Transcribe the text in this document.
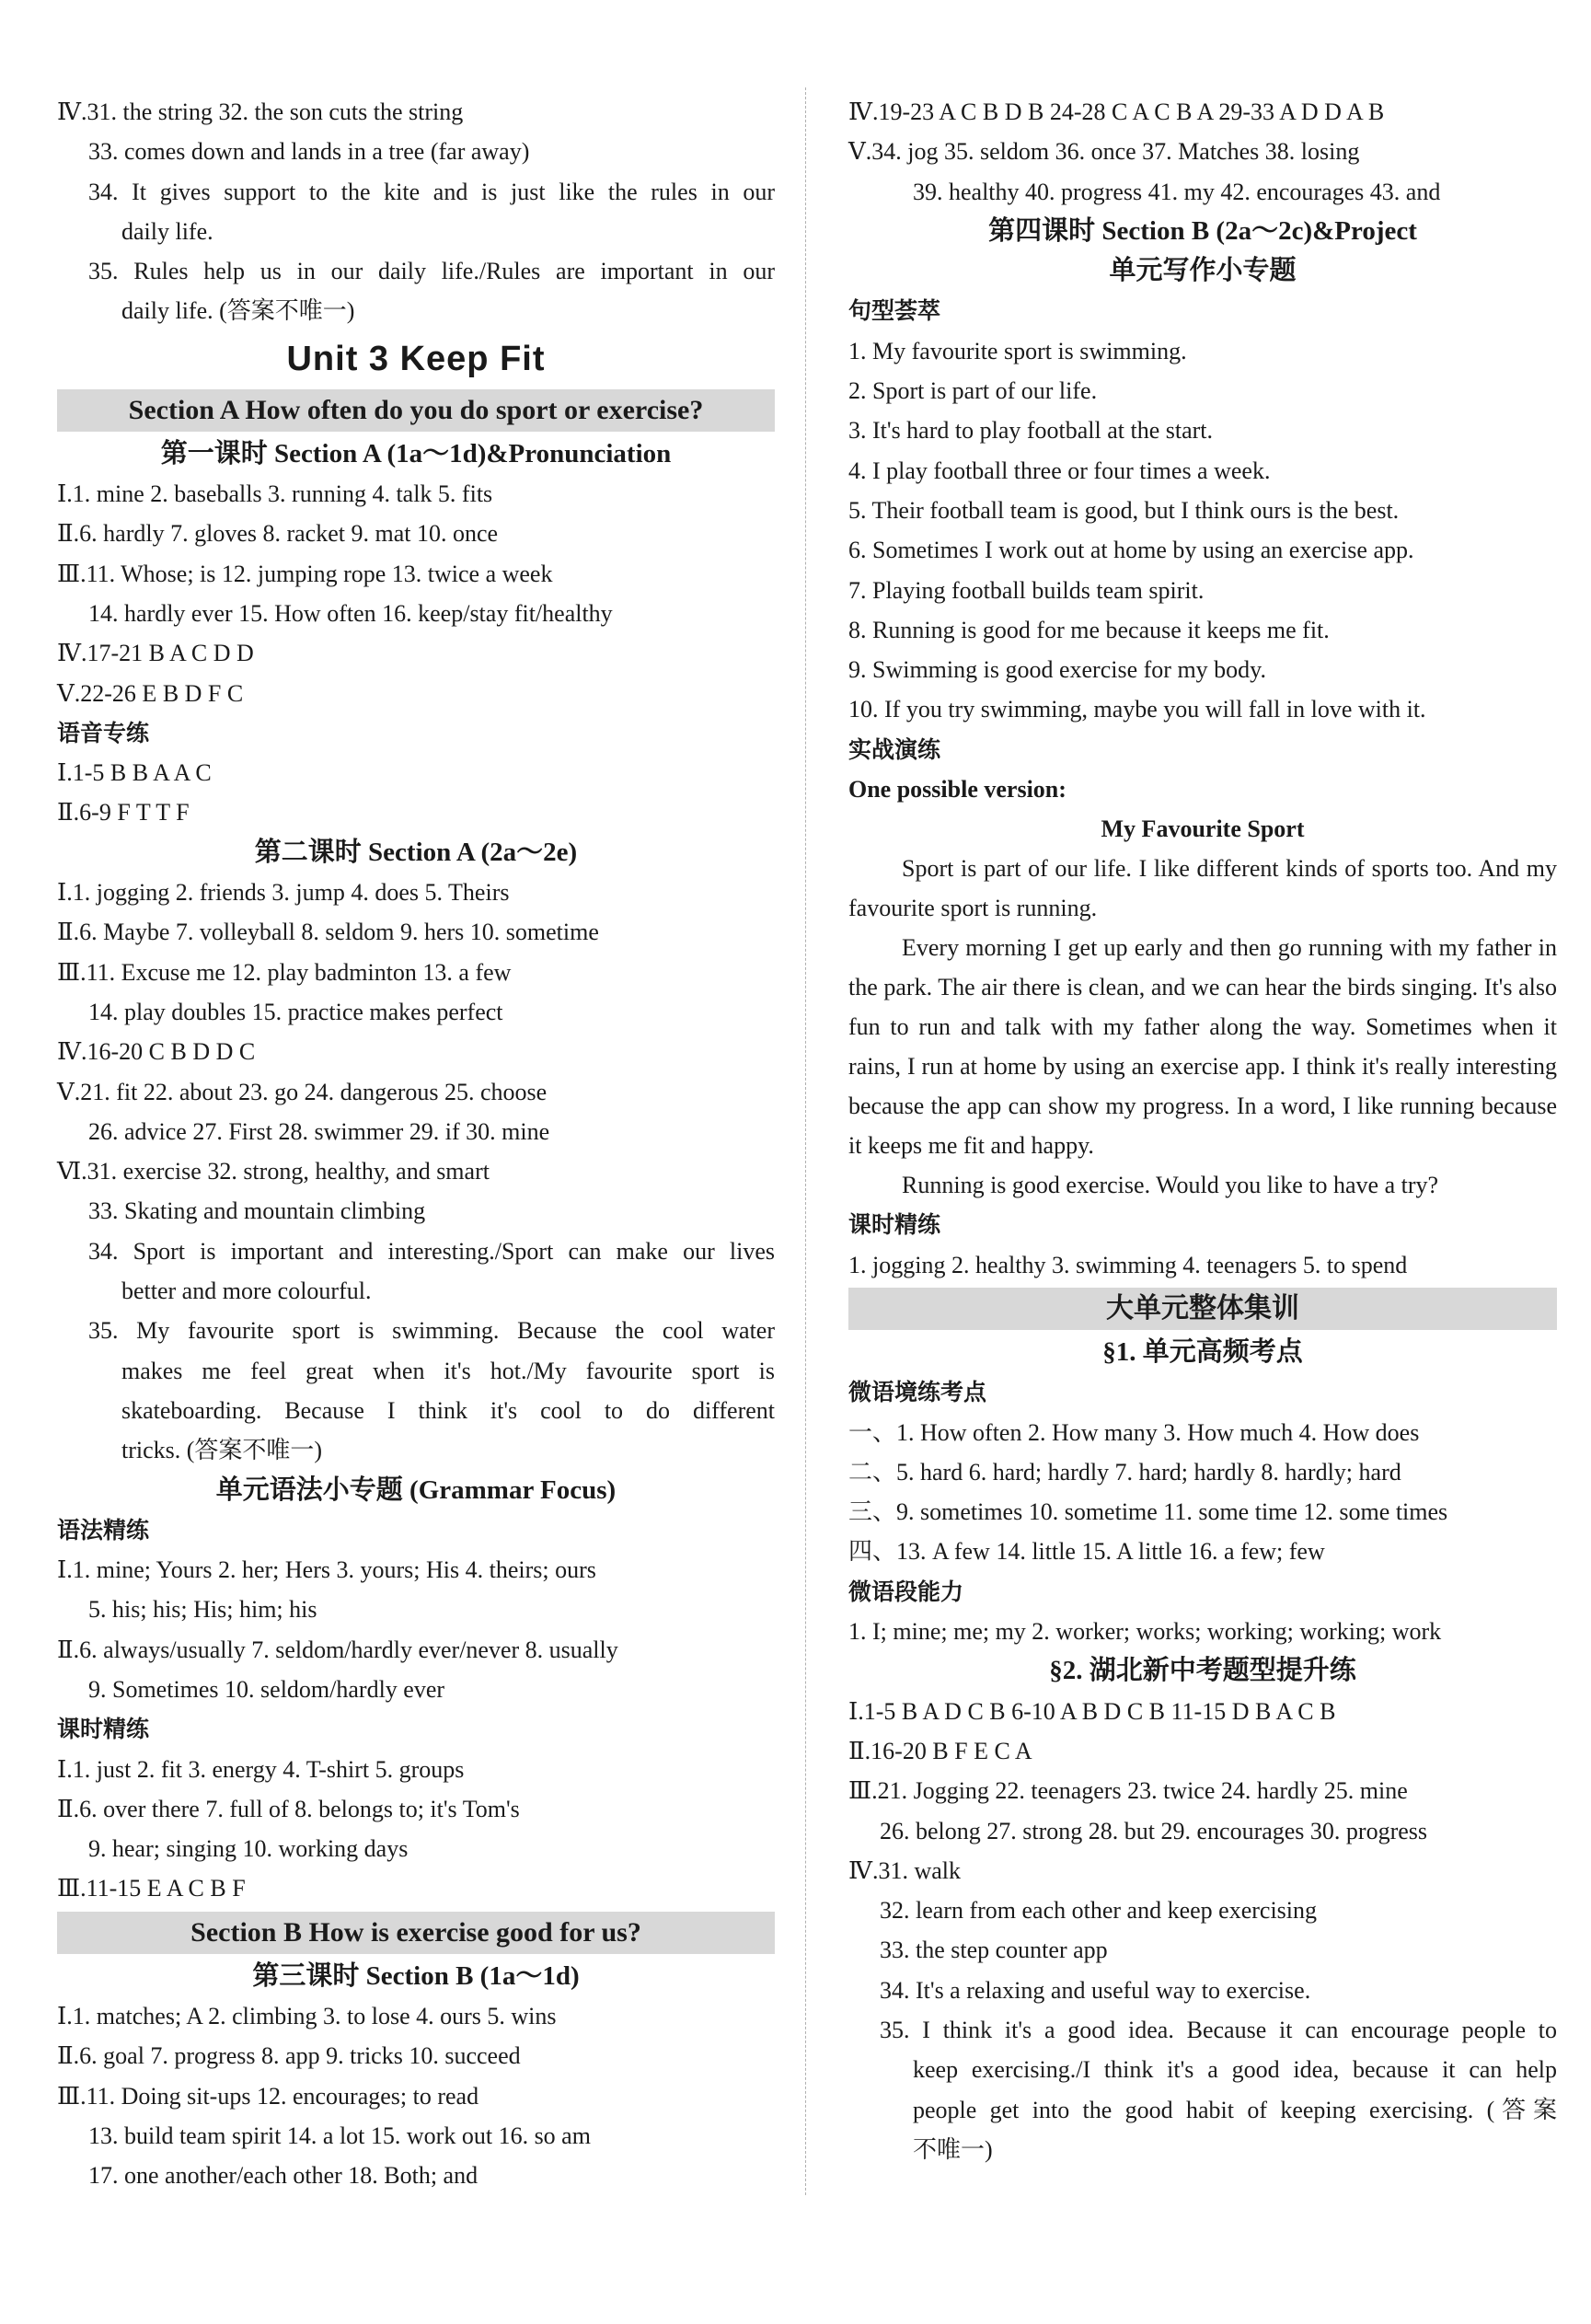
Ⅳ.31. the string 32. the son cuts the string
33. comes down and lands in a tree (far away)
34. It gives support to the kite and is just like the rules in our
daily life.
35. Rules help us in our daily life./Rules are important in our
daily life. (答案不唯一)
Unit 3 Keep Fit
Section A How often do you do sport or exercise?
第一课时 Section A (1a～1d)&Pronunciation
Ⅰ.1. mine 2. baseballs 3. running 4. talk 5. fits
Ⅱ.6. hardly 7. gloves 8. racket 9. mat 10. once
Ⅲ.11. Whose; is 12. jumping rope 13. twice a week
14. hardly ever 15. How often 16. keep/stay fit/healthy
Ⅳ.17-21 B A C D D
Ⅴ.22-26 E B D F C
语音专练
Ⅰ.1-5 B B A A C
Ⅱ.6-9 F T T F
第二课时 Section A (2a～2e)
Ⅰ.1. jogging 2. friends 3. jump 4. does 5. Theirs
Ⅱ.6. Maybe 7. volleyball 8. seldom 9. hers 10. sometime
Ⅲ.11. Excuse me 12. play badminton 13. a few
14. play doubles 15. practice makes perfect
Ⅳ.16-20 C B D D C
Ⅴ.21. fit 22. about 23. go 24. dangerous 25. choose
26. advice 27. First 28. swimmer 29. if 30. mine
Ⅵ.31. exercise 32. strong, healthy, and smart
33. Skating and mountain climbing
34. Sport is important and interesting./Sport can make our lives
better and more colourful.
35. My favourite sport is swimming. Because the cool water
makes me feel great when it's hot./My favourite sport is
skateboarding. Because I think it's cool to do different
tricks. (答案不唯一)
单元语法小专题 (Grammar Focus)
语法精练
Ⅰ.1. mine; Yours 2. her; Hers 3. yours; His 4. theirs; ours
5. his; his; His; him; his
Ⅱ.6. always/usually 7. seldom/hardly ever/never 8. usually
9. Sometimes 10. seldom/hardly ever
课时精练
Ⅰ.1. just 2. fit 3. energy 4. T-shirt 5. groups
Ⅱ.6. over there 7. full of 8. belongs to; it's Tom's
9. hear; singing 10. working days
Ⅲ.11-15 E A C B F
Section B How is exercise good for us?
第三课时 Section B (1a～1d)
Ⅰ.1. matches; A 2. climbing 3. to lose 4. ours 5. wins
Ⅱ.6. goal 7. progress 8. app 9. tricks 10. succeed
Ⅲ.11. Doing sit-ups 12. encourages; to read
13. build team spirit 14. a lot 15. work out 16. so am
17. one another/each other 18. Both; and
Ⅳ.19-23 A C B D B 24-28 C A C B A 29-33 A D D A B
Ⅴ.34. jog 35. seldom 36. once 37. Matches 38. losing
39. healthy 40. progress 41. my 42. encourages 43. and
第四课时 Section B (2a～2c)&Project
单元写作小专题
句型荟萃
1. My favourite sport is swimming.
2. Sport is part of our life.
3. It's hard to play football at the start.
4. I play football three or four times a week.
5. Their football team is good, but I think ours is the best.
6. Sometimes I work out at home by using an exercise app.
7. Playing football builds team spirit.
8. Running is good for me because it keeps me fit.
9. Swimming is good exercise for my body.
10. If you try swimming, maybe you will fall in love with it.
实战演练
One possible version:
My Favourite Sport
Sport is part of our life. I like different kinds of sports too. And my favourite sport is running.
Every morning I get up early and then go running with my father in the park. The air there is clean, and we can hear the birds singing. It's also fun to run and talk with my father along the way. Sometimes when it rains, I run at home by using an exercise app. I think it's really interesting because the app can show my progress. In a word, I like running because it keeps me fit and happy.
Running is good exercise. Would you like to have a try?
课时精练
1. jogging 2. healthy 3. swimming 4. teenagers 5. to spend
大单元整体集训
§1. 单元高频考点
微语境练考点
一、1. How often 2. How many 3. How much 4. How does
二、5. hard 6. hard; hardly 7. hard; hardly 8. hardly; hard
三、9. sometimes 10. sometime 11. some time 12. some times
四、13. A few 14. little 15. A little 16. a few; few
微语段能力
1. I; mine; me; my 2. worker; works; working; working; work
§2. 湖北新中考题型提升练
Ⅰ.1-5 B A D C B 6-10 A B D C B 11-15 D B A C B
Ⅱ.16-20 B F E C A
Ⅲ.21. Jogging 22. teenagers 23. twice 24. hardly 25. mine
26. belong 27. strong 28. but 29. encourages 30. progress
Ⅳ.31. walk
32. learn from each other and keep exercising
33. the step counter app
34. It's a relaxing and useful way to exercise.
35. I think it's a good idea. Because it can encourage people to
keep exercising./I think it's a good idea, because it can help
people get into the good habit of keeping exercising. (答案
不唯一)
